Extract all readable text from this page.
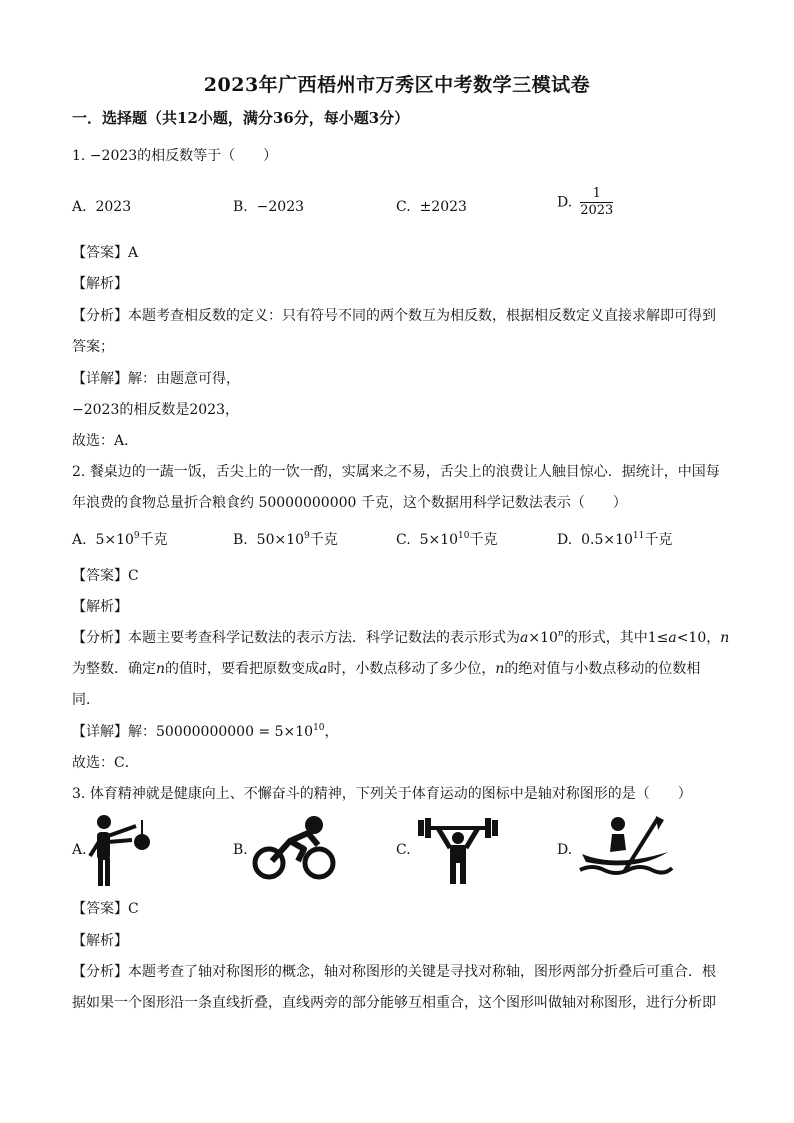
2023年广西梧州市万秀区中考数学三模试卷
一．选择题（共12小题，满分36分，每小题3分）
1. −2023的相反数等于（　　）
A. 2023	B. −2023	C. ±2023	D. $\frac{1}{2023}$
【答案】A
【解析】
【分析】本题考查相反数的定义：只有符号不同的两个数互为相反数，根据相反数定义直接求解即可得到
答案；
【详解】解：由题意可得，
−2023的相反数是2023，
故选：A．
2. 餐桌边的一蔬一饭，舌尖上的一饮一酌，实属来之不易，舌尖上的浪费让人触目惊心．据统计，中国每
年浪费的食物总量折合粮食约 50000000000 千克，这个数据用科学记数法表示（　　）
A. $5\times 10^9$千克	B. $50\times 10^9$千克	C. $5\times 10^{10}$千克	D. $0.5\times 10^{11}$千克
【答案】C
【解析】
【分析】本题主要考查科学记数法的表示方法．科学记数法的表示形式为$a\times 10^n$的形式，其中1≤a<10，n
为整数．确定n的值时，要看把原数变成a时，小数点移动了多少位，n的绝对值与小数点移动的位数相
同．
【详解】解：$50000000000 = 5\times 10^{10}$，
故选：C．
3. 体育精神就是健康向上、不懈奋斗的精神，下列关于体育运动的图标中是轴对称图形的是（　　）
A.	B.	C.	D.
【答案】C
【解析】
【分析】本题考查了轴对称图形的概念，轴对称图形的关键是寻找对称轴，图形两部分折叠后可重合．根
据如果一个图形沿一条直线折叠，直线两旁的部分能够互相重合，这个图形叫做轴对称图形，进行分析即
